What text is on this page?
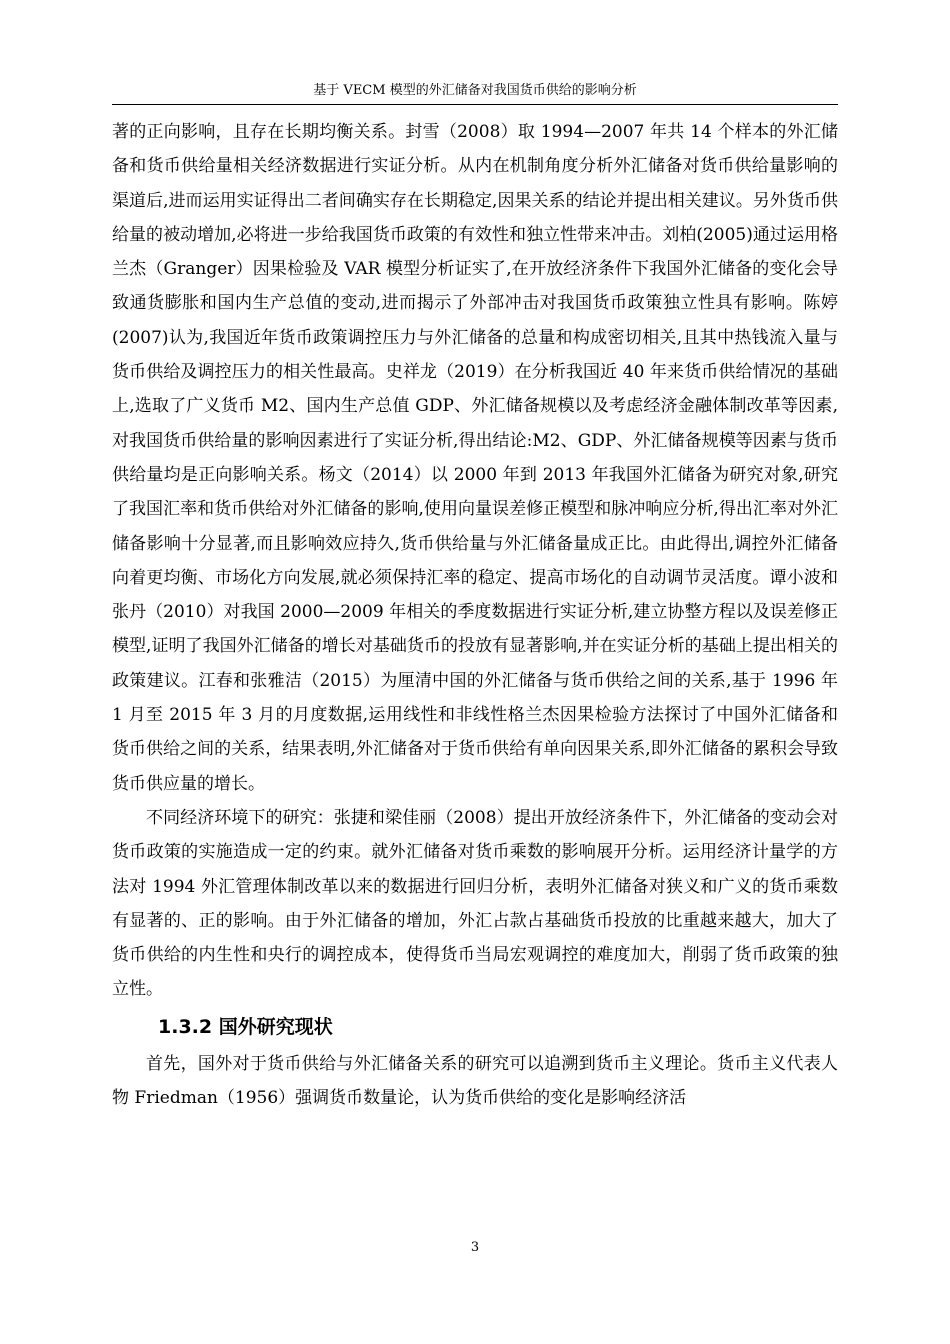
基于 VECM 模型的外汇储备对我国货币供给的影响分析

著的正向影响，且存在长期均衡关系。封雪（2008）取 1994—2007 年共 14 个样本的外汇储备和货币供给量相关经济数据进行实证分析。从内在机制角度分析外汇储备对货币供给量影响的渠道后,进而运用实证得出二者间确实存在长期稳定,因果关系的结论并提出相关建议。另外货币供给量的被动增加,必将进一步给我国货币政策的有效性和独立性带来冲击。刘柏(2005)通过运用格兰杰（Granger）因果检验及 VAR 模型分析证实了,在开放经济条件下我国外汇储备的变化会导致通货膨胀和国内生产总值的变动,进而揭示了外部冲击对我国货币政策独立性具有影响。陈婷(2007)认为,我国近年货币政策调控压力与外汇储备的总量和构成密切相关,且其中热钱流入量与货币供给及调控压力的相关性最高。史祥龙（2019）在分析我国近 40 年来货币供给情况的基础上,选取了广义货币 M2、国内生产总值 GDP、外汇储备规模以及考虑经济金融体制改革等因素,对我国货币供给量的影响因素进行了实证分析,得出结论:M2、GDP、外汇储备规模等因素与货币供给量均是正向影响关系。杨文（2014）以 2000 年到 2013 年我国外汇储备为研究对象,研究了我国汇率和货币供给对外汇储备的影响,使用向量误差修正模型和脉冲响应分析,得出汇率对外汇储备影响十分显著,而且影响效应持久,货币供给量与外汇储备量成正比。由此得出,调控外汇储备向着更均衡、市场化方向发展,就必须保持汇率的稳定、提高市场化的自动调节灵活度。谭小波和张丹（2010）对我国 2000—2009 年相关的季度数据进行实证分析,建立协整方程以及误差修正模型,证明了我国外汇储备的增长对基础货币的投放有显著影响,并在实证分析的基础上提出相关的政策建议。江春和张雅洁（2015）为厘清中国的外汇储备与货币供给之间的关系,基于 1996 年 1 月至 2015 年 3 月的月度数据,运用线性和非线性格兰杰因果检验方法探讨了中国外汇储备和货币供给之间的关系，结果表明,外汇储备对于货币供给有单向因果关系,即外汇储备的累积会导致货币供应量的增长。

不同经济环境下的研究：张捷和梁佳丽（2008）提出开放经济条件下，外汇储备的变动会对货币政策的实施造成一定的约束。就外汇储备对货币乘数的影响展开分析。运用经济计量学的方法对 1994 外汇管理体制改革以来的数据进行回归分析，表明外汇储备对狭义和广义的货币乘数有显著的、正的影响。由于外汇储备的增加，外汇占款占基础货币投放的比重越来越大，加大了货币供给的内生性和央行的调控成本，使得货币当局宏观调控的难度加大，削弱了货币政策的独立性。

1.3.2 国外研究现状

首先，国外对于货币供给与外汇储备关系的研究可以追溯到货币主义理论。货币主义代表人物 Friedman（1956）强调货币数量论，认为货币供给的变化是影响经济活

3
